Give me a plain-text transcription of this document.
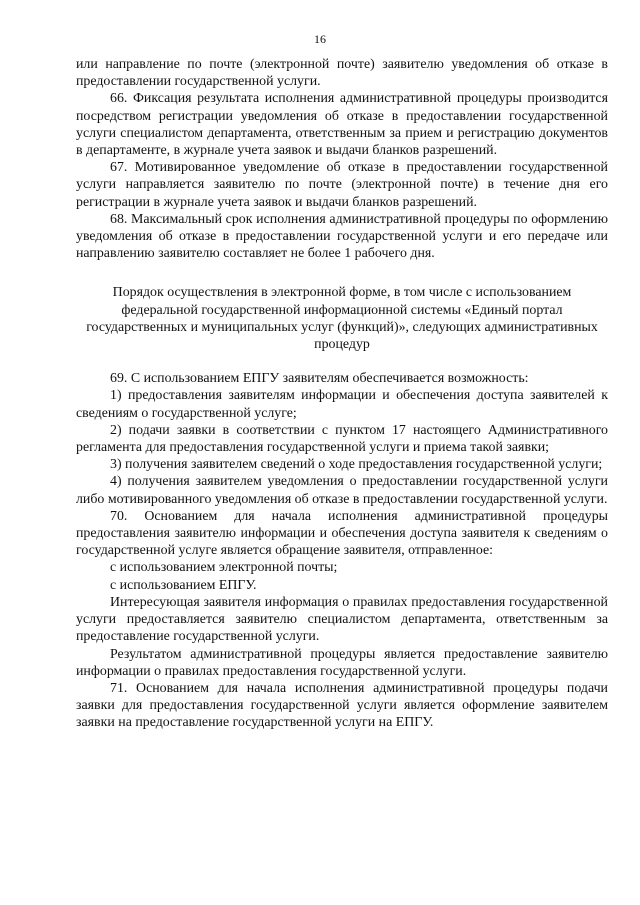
16

или направление по почте (электронной почте) заявителю уведомления об отказе в предоставлении государственной услуги.

66. Фиксация результата исполнения административной процедуры производится посредством регистрации уведомления об отказе в предоставлении государственной услуги специалистом департамента, ответственным за прием и регистрацию документов в департаменте, в журнале учета заявок и выдачи бланков разрешений.

67. Мотивированное уведомление об отказе в предоставлении государственной услуги направляется заявителю по почте (электронной почте) в течение дня его регистрации в журнале учета заявок и выдачи бланков разрешений.

68. Максимальный срок исполнения административной процедуры по оформлению уведомления об отказе в предоставлении государственной услуги и его передаче или направлению заявителю составляет не более 1 рабочего дня.

Порядок осуществления в электронной форме, в том числе с использованием федеральной государственной информационной системы «Единый портал государственных и муниципальных услуг (функций)», следующих административных процедур

69. С использованием ЕПГУ заявителям обеспечивается возможность:

1) предоставления заявителям информации и обеспечения доступа заявителей к сведениям о государственной услуге;

2) подачи заявки в соответствии с пунктом 17 настоящего Административного регламента для предоставления государственной услуги и приема такой заявки;

3) получения заявителем сведений о ходе предоставления государственной услуги;

4) получения заявителем уведомления о предоставлении государственной услуги либо мотивированного уведомления об отказе в предоставлении государственной услуги.

70. Основанием для начала исполнения административной процедуры предоставления заявителю информации и обеспечения доступа заявителя к сведениям о государственной услуге является обращение заявителя, отправленное:

с использованием электронной почты;

с использованием ЕПГУ.

Интересующая заявителя информация о правилах предоставления государственной услуги предоставляется заявителю специалистом департамента, ответственным за предоставление государственной услуги.

Результатом административной процедуры является предоставление заявителю информации о правилах предоставления государственной услуги.

71. Основанием для начала исполнения административной процедуры подачи заявки для предоставления государственной услуги является оформление заявителем заявки на предоставление государственной услуги на ЕПГУ.
